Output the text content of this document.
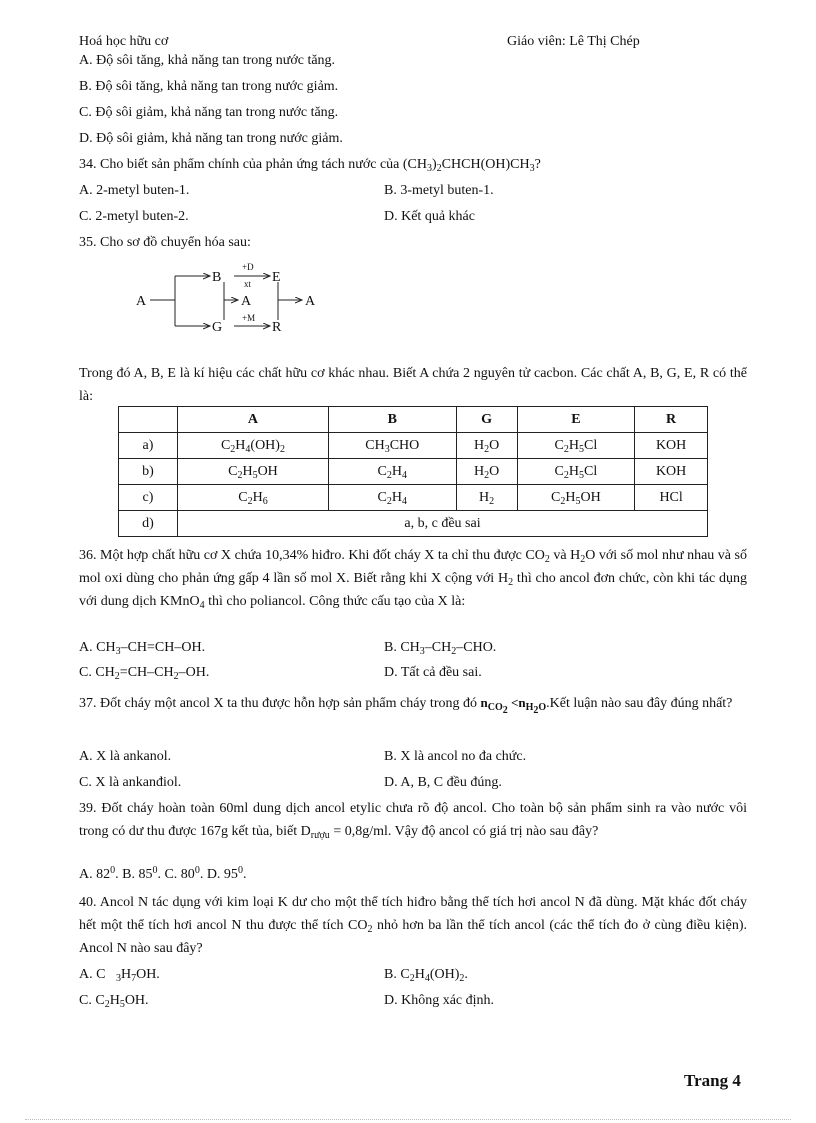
Hoá học hữu cơ	Giáo viên: Lê Thị Chép
A. Độ sôi tăng, khả năng tan trong nước tăng.
B. Độ sôi tăng, khả năng tan trong nước giảm.
C. Độ sôi giảm, khả năng tan trong nước tăng.
D. Độ sôi giảm, khả năng tan trong nước giảm.
34. Cho biết sản phẩm chính của phản ứng tách nước của $(CH_3)_2CHCH(OH)CH_3$?
A. 2-metyl buten-1.	B. 3-metyl buten-1.
C. 2-metyl buten-2.	D. Kết quả khác
35. Cho sơ đồ chuyển hóa sau:
A
B	E
A	A
G	R
+D
xt
+M
Trong đó A, B, E là kí hiệu các chất hữu cơ khác nhau. Biết A chứa 2 nguyên tử cacbon. Các chất A, B, G, E, R có thể là:
	A	B	G	E	R
a)	$C_2H_4(OH)_2$	$CH_3CHO$	$H_2O$	$C_2H_5Cl$	KOH
b)	$C_2H_5OH$	$C_2H_4$	$H_2O$	$C_2H_5Cl$	KOH
c)	$C_2H_6$	$C_2H_4$	$H_2$	$C_2H_5OH$	HCl
d)	a, b, c đều sai				
36. Một hợp chất hữu cơ X chứa 10,34% hiđro. Khi đốt cháy X ta chỉ thu được $CO_2$ và $H_2O$ với số mol như nhau và số mol oxi dùng cho phản ứng gấp 4 lần số mol X. Biết rằng khi X cộng với $H_2$ thì cho ancol đơn chức, còn khi tác dụng với dung dịch KMnO$_4$ thì cho poliancol. Công thức cấu tạo của X là:
A. $CH_3-CH=CH-OH$.	B. $CH_3-CH_2$–CHO.
C. $CH_2=CH-CH_2-OH$.	D. Tất cả đều sai.
37. Đốt cháy một ancol X ta thu được hỗn hợp sản phẩm cháy trong đó $n_{CO_2}$ $<n_{H_2O}.Kết$ luận nào sau đây đúng nhất?
A. X là ankanol.	B. X là ancol no đa chức.
C. X là ankanđiol.	D. A, B, C đều đúng.
39. Đốt cháy hoàn toàn 60ml dung dịch ancol etylic chưa rõ độ ancol. Cho toàn bộ sản phẩm sinh ra vào nước vôi trong có dư thu được 167g kết tủa, biết $D_{rượu} = 0,8g/ml$. Vậy độ ancol có giá trị nào sau đây?
A. $82^0$. B. $85^0$. C. $80^0$. D. $95^0$.
40. Ancol N tác dụng với kim loại K dư cho một thể tích hiđro bằng thể tích hơi ancol N đã dùng. Mặt khác đốt cháy hết một thể tích hơi ancol N thu được thể tích $CO_2$ nhỏ hơn ba lần thể tích ancol (các thể tích đo ở cùng điều kiện). Ancol N nào sau đây?
A. C $_3H_7OH$.	B. $C_2H_4(OH)_2$.
C. $C_2H_5OH$.	D. Không xác định.
Trang 4
